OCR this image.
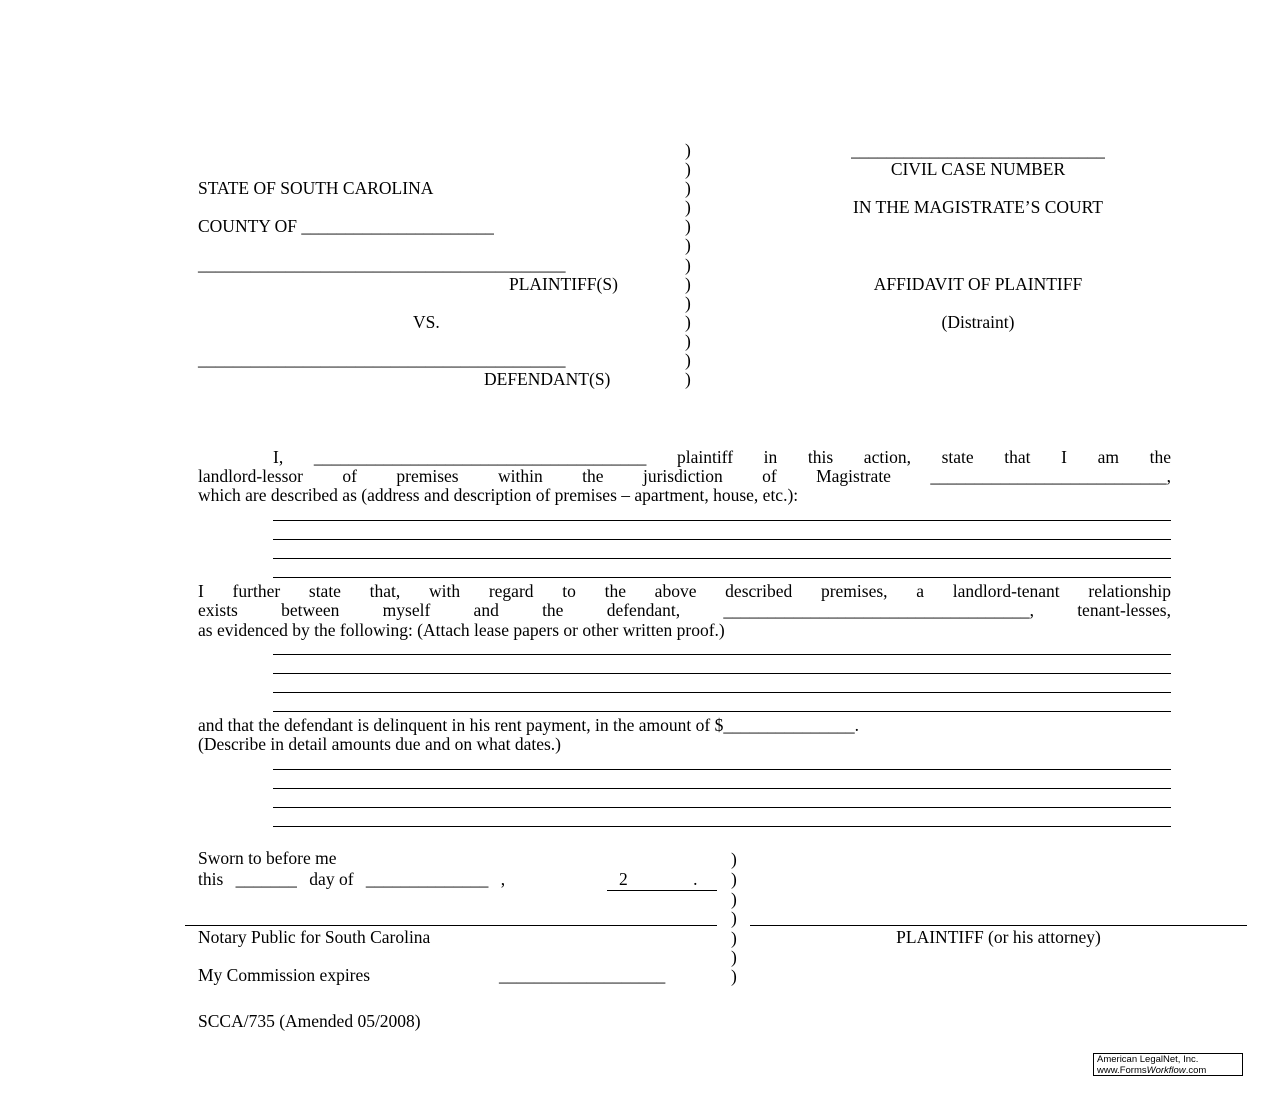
STATE OF SOUTH CAROLINA
COUNTY OF ______________________
__________________________________________
PLAINTIFF(S)
VS.
__________________________________________
DEFENDANT(S)
)
)
)
)
)
)
)
)
)
)
)
)
)
_____________________________
CIVIL CASE NUMBER
IN THE MAGISTRATE’S COURT
AFFIDAVIT OF PLAINTIFF
(Distraint)
I, ______________________________________ plaintiff in this action, state that I am the
landlord-lessor of premises within the jurisdiction of Magistrate ___________________________,
which are described as (address and description of premises – apartment, house, etc.):
I further state that, with regard to the above described premises, a landlord-tenant relationship
exists between myself and the defendant, ___________________________________, tenant-lesses,
as evidenced by the following: (Attach lease papers or other written proof.)
and that the defendant is delinquent in his rent payment, in the amount of $_______________.
(Describe in detail amounts due and on what dates.)
Sworn to before me
this _______ day of ______________ ,	2	.
)
)
)
)
)
)
)
Notary Public for South Carolina	PLAINTIFF (or his attorney)
My Commission expires	___________________
SCCA/735 (Amended 05/2008)
American LegalNet, Inc.
www.FormsWorkflow.com
